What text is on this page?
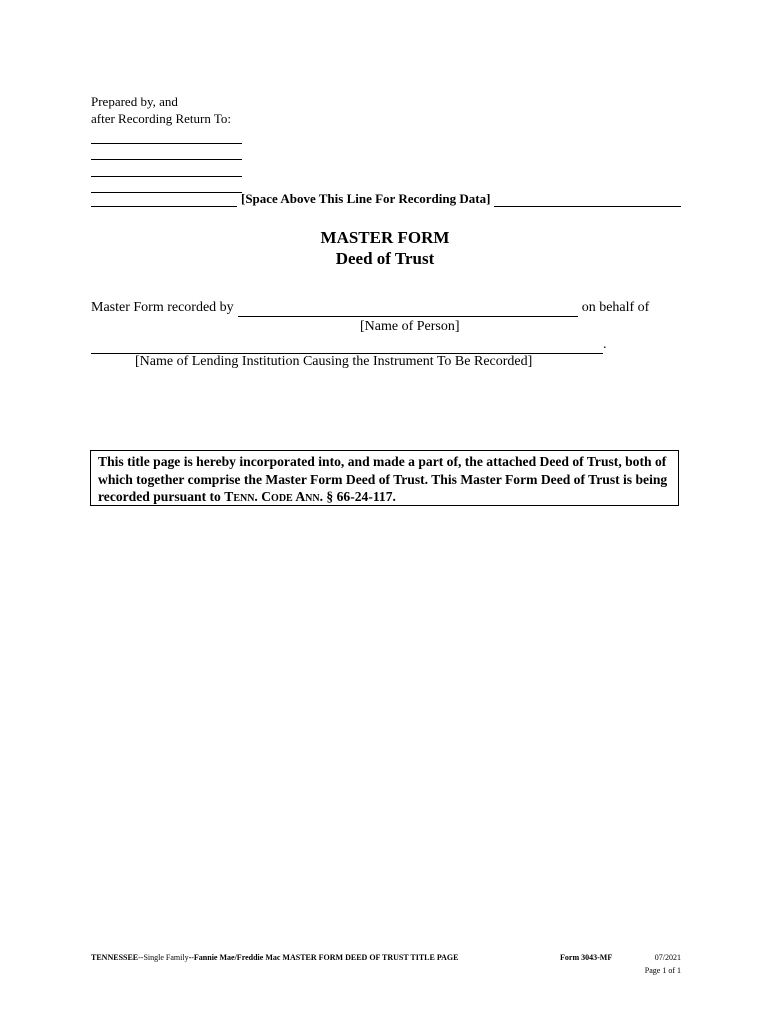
Prepared by, and
after Recording Return To:
[Space Above This Line For Recording Data]
MASTER FORM
Deed of Trust
Master Form recorded by	on behalf of
[Name of Person]
.
[Name of Lending Institution Causing the Instrument To Be Recorded]
This title page is hereby incorporated into, and made a part of, the attached Deed of Trust, both of which together comprise the Master Form Deed of Trust. This Master Form Deed of Trust is being recorded pursuant to Tenn. Code Ann. § 66-24-117.
TENNESSEE--Single Family--Fannie Mae/Freddie Mac MASTER FORM DEED OF TRUST TITLE PAGE	Form 3043-MF	07/2021
Page 1 of 1
